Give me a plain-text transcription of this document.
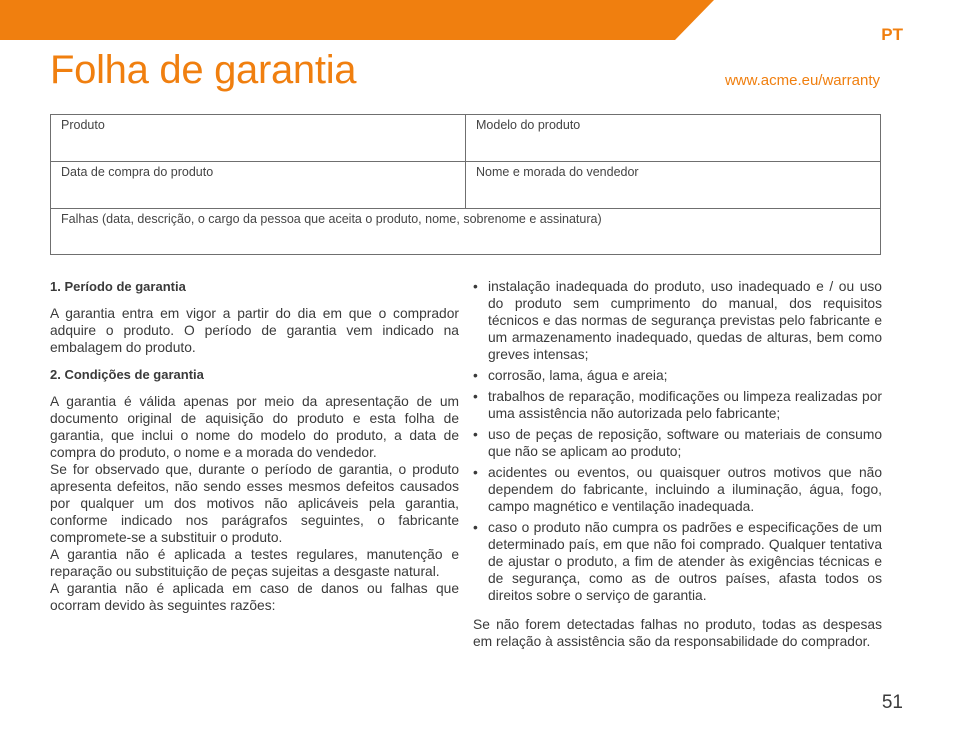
PT
Folha de garantia	www.acme.eu/warranty
Produto	Modelo do produto
Data de compra do produto	Nome e morada do vendedor
Falhas (data, descrição, o cargo da pessoa que aceita o produto, nome, sobrenome e assinatura)
1. Período de garantia

A garantia entra em vigor a partir do dia em que o comprador adquire o produto. O período de garantia vem indicado na embalagem do produto.

2. Condições de garantia

A garantia é válida apenas por meio da apresentação de um documento original de aquisição do produto e esta folha de garantia, que inclui o nome do modelo do produto, a data de compra do produto, o nome e a morada do vendedor.

Se for observado que, durante o período de garantia, o produto apresenta defeitos, não sendo esses mesmos defeitos causados por qualquer um dos motivos não aplicáveis pela garantia, conforme indicado nos parágrafos seguintes, o fabricante compromete-se a substituir o produto.

A garantia não é aplicada a testes regulares, manutenção e reparação ou substituição de peças sujeitas a desgaste natural.

A garantia não é aplicada em caso de danos ou falhas que ocorram devido às seguintes razões:

• instalação inadequada do produto, uso inadequado e / ou uso do produto sem cumprimento do manual, dos requisitos técnicos e das normas de segurança previstas pelo fabricante e um armazenamento inadequado, quedas de alturas, bem como greves intensas;
• corrosão, lama, água e areia;
• trabalhos de reparação, modificações ou limpeza realizadas por uma assistência não autorizada pelo fabricante;
• uso de peças de reposição, software ou materiais de consumo que não se aplicam ao produto;
• acidentes ou eventos, ou quaisquer outros motivos que não dependem do fabricante, incluindo a iluminação, água, fogo, campo magnético e ventilação inadequada.
• caso o produto não cumpra os padrões e especificações de um determinado país, em que não foi comprado. Qualquer tentativa de ajustar o produto, a fim de atender às exigências técnicas e de segurança, como as de outros países, afasta todos os direitos sobre o serviço de garantia.

Se não forem detectadas falhas no produto, todas as despesas em relação à assistência são da responsabilidade do comprador.

51
